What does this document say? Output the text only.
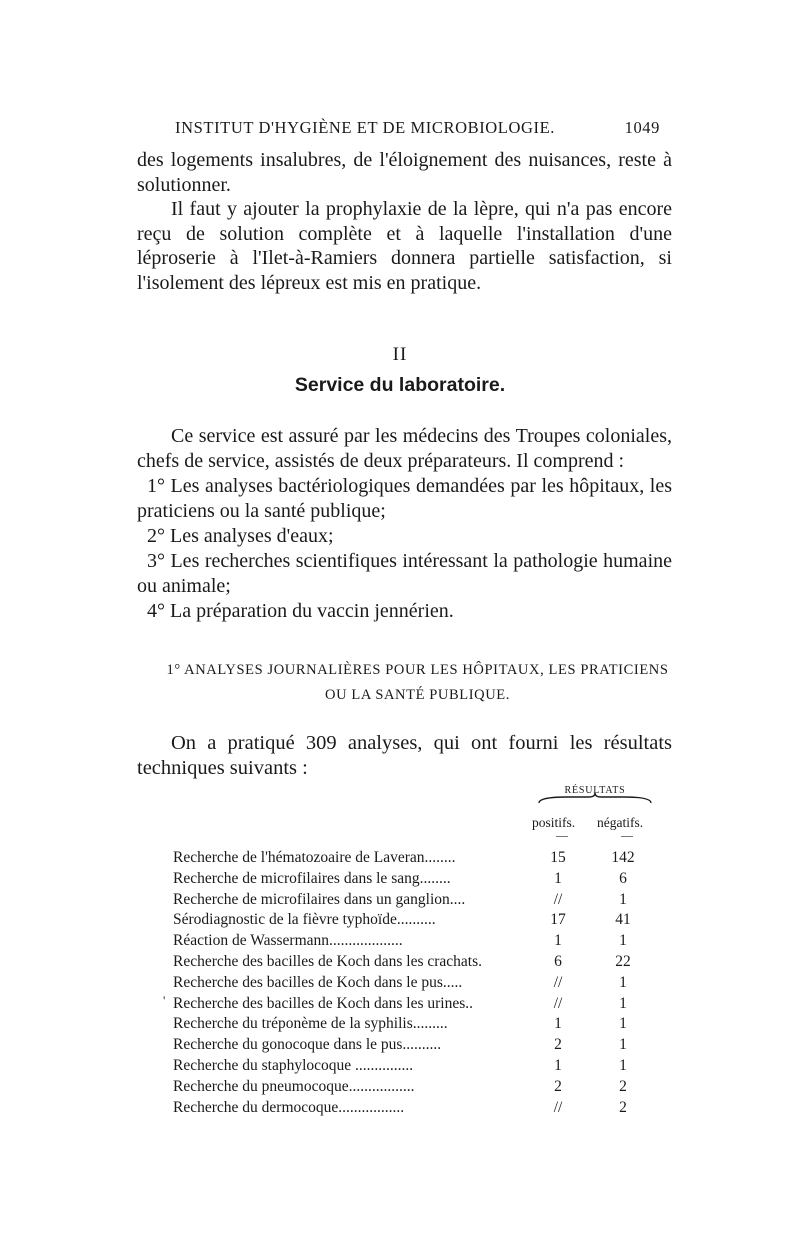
INSTITUT D'HYGIÈNE ET DE MICROBIOLOGIE.	1049

des logements insalubres, de l'éloignement des nuisances, reste à solutionner.

Il faut y ajouter la prophylaxie de la lèpre, qui n'a pas encore reçu de solution complète et à laquelle l'installation d'une léproserie à l'Ilet-à-Ramiers donnera partielle satisfaction, si l'isolement des lépreux est mis en pratique.

II
Service du laboratoire.

Ce service est assuré par les médecins des Troupes coloniales, chefs de service, assistés de deux préparateurs. Il comprend :

1° Les analyses bactériologiques demandées par les hôpitaux, les praticiens ou la santé publique;

2° Les analyses d'eaux;

3° Les recherches scientifiques intéressant la pathologie humaine ou animale;

4° La préparation du vaccin jennérien.

1° ANALYSES JOURNALIÈRES POUR LES HÔPITAUX, LES PRATICIENS
OU LA SANTÉ PUBLIQUE.

On a pratiqué 309 analyses, qui ont fourni les résultats techniques suivants :

RÉSULTATS
positifs. négatifs.
—	—
'
Recherche de l'hématozoaire de Laveran........	15	142
Recherche de microfilaires dans le sang........	1	6
Recherche de microfilaires dans un ganglion....	//	1
Sérodiagnostic de la fièvre typhoïde..........	17	41
Réaction de Wassermann...................	1	1
Recherche des bacilles de Koch dans les crachats.	6	22
Recherche des bacilles de Koch dans le pus.....	//	1
Recherche des bacilles de Koch dans les urines..	//	1
Recherche du tréponème de la syphilis.........	1	1
Recherche du gonocoque dans le pus..........	2	1
Recherche du staphylocoque ...............	1	1
Recherche du pneumocoque.................	2	2
Recherche du dermocoque.................	//	2
